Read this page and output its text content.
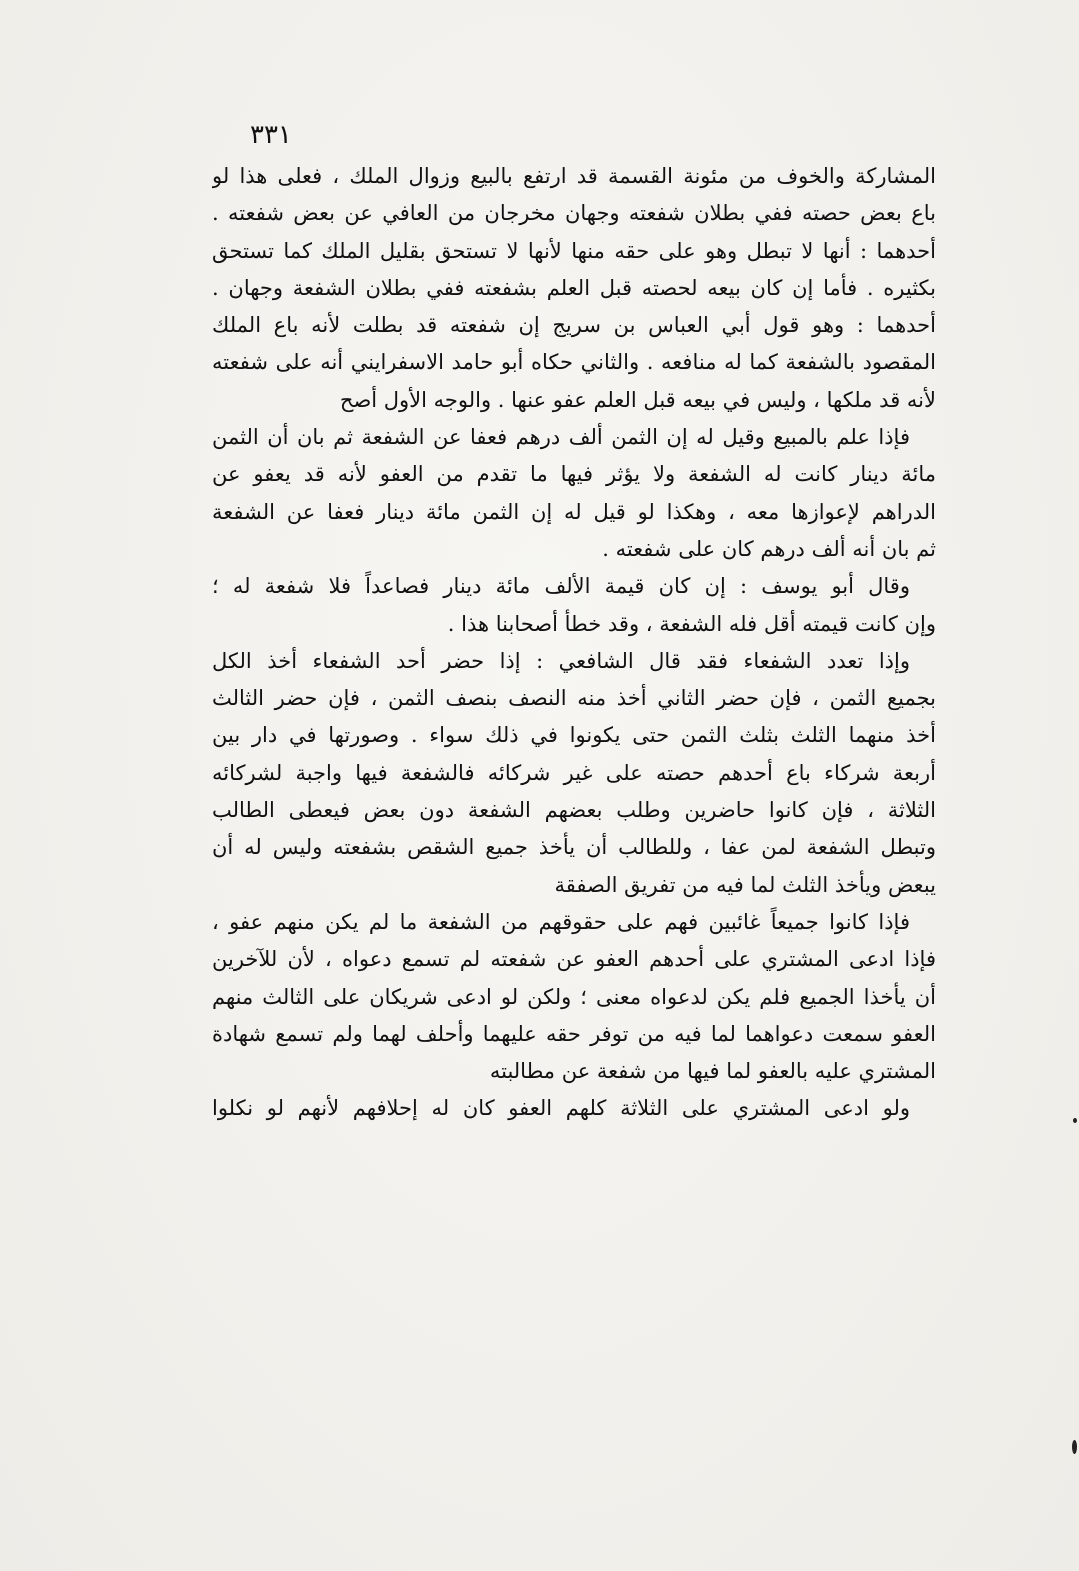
٣٣١
المشاركة والخوف من مئونة القسمة قد ارتفع بالبيع وزوال الملك ، فعلى هذا لو
باع بعض حصته ففي بطلان شفعته وجهان مخرجان من العافي عن بعض شفعته .
أحدهما : أنها لا تبطل وهو على حقه منها لأنها لا تستحق بقليل الملك كما تستحق
بكثيره . فأما إن كان بيعه لحصته قبل العلم بشفعته ففي بطلان الشفعة وجهان .
أحدهما : وهو قول أبي العباس بن سريج إن شفعته قد بطلت لأنه باع الملك
المقصود بالشفعة كما له منافعه . والثاني حكاه أبو حامد الاسفرايني أنه على شفعته
لأنه قد ملكها ، وليس في بيعه قبل العلم عفو عنها . والوجه الأول أصح
فإذا علم بالمبيع وقيل له إن الثمن ألف درهم فعفا عن الشفعة ثم بان أن الثمن
مائة دينار كانت له الشفعة ولا يؤثر فيها ما تقدم من العفو لأنه قد يعفو عن
الدراهم لإعوازها معه ، وهكذا لو قيل له إن الثمن مائة دينار فعفا عن الشفعة
ثم بان أنه ألف درهم كان على شفعته .
وقال أبو يوسف : إن كان قيمة الألف مائة دينار فصاعداً فلا شفعة له ؛
وإن كانت قيمته أقل فله الشفعة ، وقد خطأ أصحابنا هذا .
وإذا تعدد الشفعاء فقد قال الشافعي : إذا حضر أحد الشفعاء أخذ الكل
بجميع الثمن ، فإن حضر الثاني أخذ منه النصف بنصف الثمن ، فإن حضر الثالث
أخذ منهما الثلث بثلث الثمن حتى يكونوا في ذلك سواء . وصورتها في دار بين
أربعة شركاء باع أحدهم حصته على غير شركائه فالشفعة فيها واجبة لشركائه
الثلاثة ، فإن كانوا حاضرين وطلب بعضهم الشفعة دون بعض فيعطى الطالب
وتبطل الشفعة لمن عفا ، وللطالب أن يأخذ جميع الشقص بشفعته وليس له أن
يبعض ويأخذ الثلث لما فيه من تفريق الصفقة
فإذا كانوا جميعاً غائبين فهم على حقوقهم من الشفعة ما لم يكن منهم عفو ،
فإذا ادعى المشتري على أحدهم العفو عن شفعته لم تسمع دعواه ، لأن للآخرين
أن يأخذا الجميع فلم يكن لدعواه معنى ؛ ولكن لو ادعى شريكان على الثالث منهم
العفو سمعت دعواهما لما فيه من توفر حقه عليهما وأحلف لهما ولم تسمع شهادة
المشتري عليه بالعفو لما فيها من شفعة عن مطالبته
ولو ادعى المشتري على الثلاثة كلهم العفو كان له إحلافهم لأنهم لو نكلوا
